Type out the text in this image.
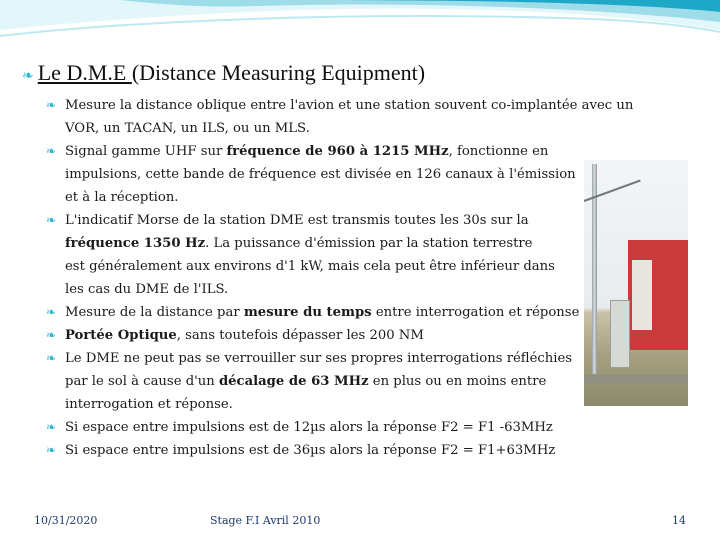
❧ Le D.M.E (Distance Measuring Equipment)
❧ Mesure la distance oblique entre l'avion et une station souvent co-implantée avec un
VOR, un TACAN, un ILS, ou un MLS.
❧ Signal gamme UHF sur fréquence de 960 à 1215 MHz, fonctionne en
impulsions, cette bande de fréquence est divisée en 126 canaux à l'émission
et à la réception.
❧ L'indicatif Morse de la station DME est transmis toutes les 30s sur la
fréquence 1350 Hz. La puissance d'émission par la station terrestre
est généralement aux environs d'1 kW, mais cela peut être inférieur dans
les cas du DME de l'ILS.
❧ Mesure de la distance par mesure du temps entre interrogation et réponse
❧ Portée Optique, sans toutefois dépasser les 200 NM
❧ Le DME ne peut pas se verrouiller sur ses propres interrogations réfléchies
par le sol à cause d'un décalage de 63 MHz en plus ou en moins entre
interrogation et réponse.
❧ Si espace entre impulsions est de 12µs alors la réponse F2 = F1 -63MHz
❧ Si espace entre impulsions est de 36µs alors la réponse F2 = F1+63MHz
10/31/2020	Stage F.I Avril 2010	14
